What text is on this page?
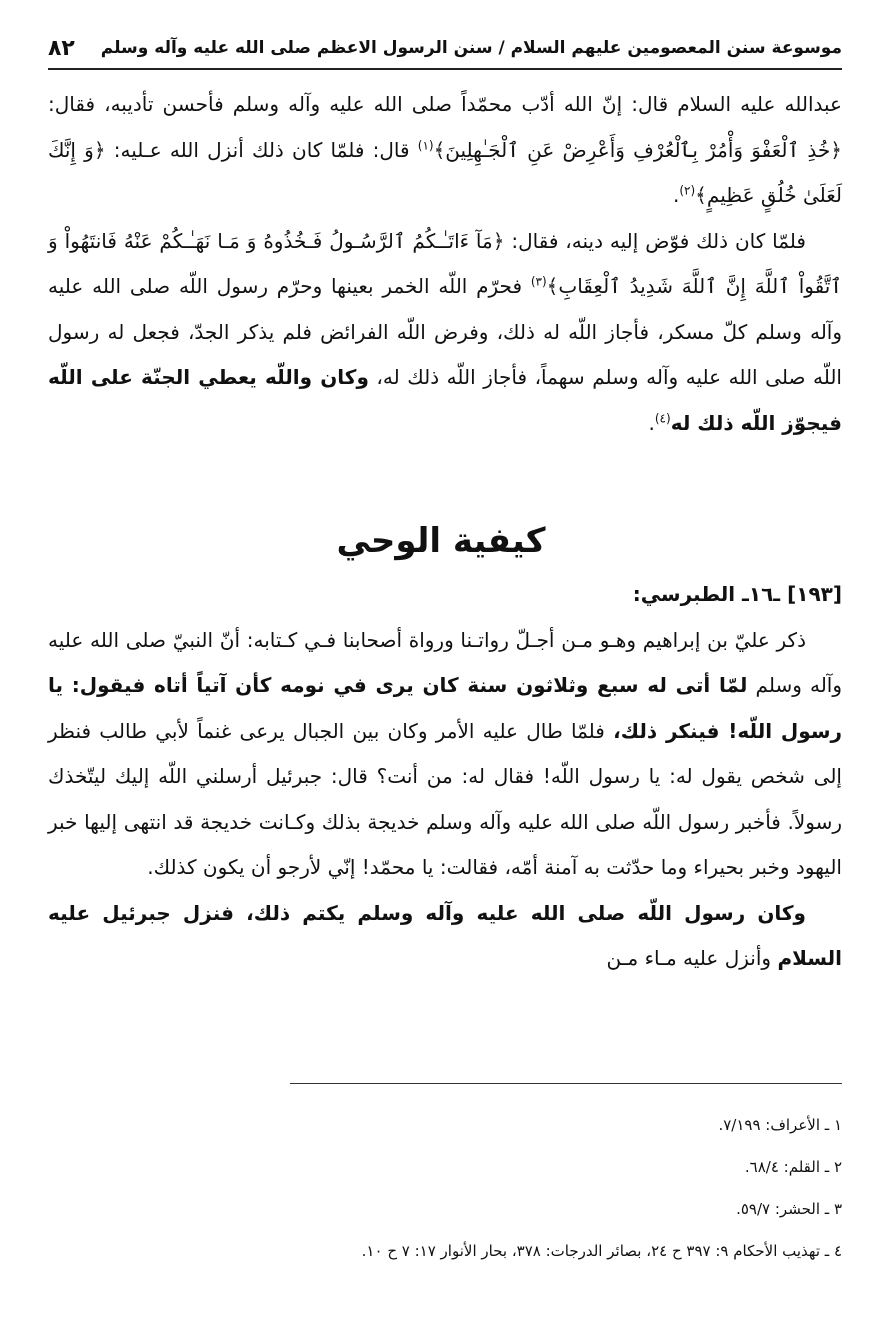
موسوعة سنن المعصومين عليهم السلام / سنن الرسول الاعظم صلى الله عليه وآله وسلم
٨٢

عبدالله عليه السلام قال: إنّ الله أدّب محمّداً صلى الله عليه وآله وسلم فأحسن تأديبه، فقال: ﴿خُذِ ٱلْعَفْوَ وَأْمُرْ بِٱلْعُرْفِ وَأَعْرِضْ عَنِ ٱلْجَـٰهِلِينَ﴾$^{(١)}$ قال: فلمّا كان ذلك أنزل الله عـليه: ﴿وَ إِنَّكَ لَعَلَىٰ خُلُقٍ عَظِيمٍ﴾$^{(٢)}$.

فلمّا كان ذلك فوّض إليه دينه، فقال: ﴿مَآ ءَاتَـٰـكُمُ ٱلرَّسُـولُ فَـخُذُوهُ وَ مَـا نَهَـٰـكُمْ عَنْهُ فَانتَهُواْ وَ ٱتَّقُواْ ٱللَّهَ إِنَّ ٱللَّهَ شَدِيدُ ٱلْعِقَابِ﴾$^{(٣)}$ فحرّم اللّه الخمر بعينها وحرّم رسول اللّه صلى الله عليه وآله وسلم كلّ مسكر، فأجاز اللّه له ذلك، وفرض اللّه الفرائض فلم يذكر الجدّ، فجعل له رسول اللّه صلى الله عليه وآله وسلم سهماً، فأجاز اللّه ذلك له، وكان واللّه يعطي الجنّة على اللّه فيجوّز اللّه ذلك له$^{(٤)}$.

كيفية الوحي

[١٩٣] ـ١٦ـ الطبرسي:

ذكر عليّ بن إبراهيم وهـو مـن أجـلّ رواتـنا ورواة أصحابنا فـي كـتابه: أنّ النبيّ صلى الله عليه وآله وسلم لمّا أتى له سبع وثلاثون سنة كان يرى في نومه كأن آتياً أتاه فيقول: يا رسول اللّه! فينكر ذلك، فلمّا طال عليه الأمر وكان بين الجبال يرعى غنماً لأبي طالب فنظر إلى شخص يقول له: يا رسول اللّه! فقال له: من أنت؟ قال: جبرئيل أرسلني اللّه إليك ليتّخذك رسولاً. فأخبر رسول اللّه صلى الله عليه وآله وسلم خديجة بذلك وكـانت خديجة قد انتهى إليها خبر اليهود وخبر بحيراء وما حدّثت به آمنة أمّه، فقالت: يا محمّد! إنّي لأرجو أن يكون كذلك.

وكان رسول اللّه صلى الله عليه وآله وسلم يكتم ذلك، فنزل جبرئيل عليه السلام وأنزل عليه مـاء مـن

١ ـ الأعراف: ٧/١٩٩.

٢ ـ القلم: ٦٨/٤.

٣ ـ الحشر: ٥٩/٧.

٤ ـ تهذيب الأحكام ٩: ٣٩٧ ح ٢٤، بصائر الدرجات: ٣٧٨، بحار الأنوار ١٧: ٧ ح ١٠.
